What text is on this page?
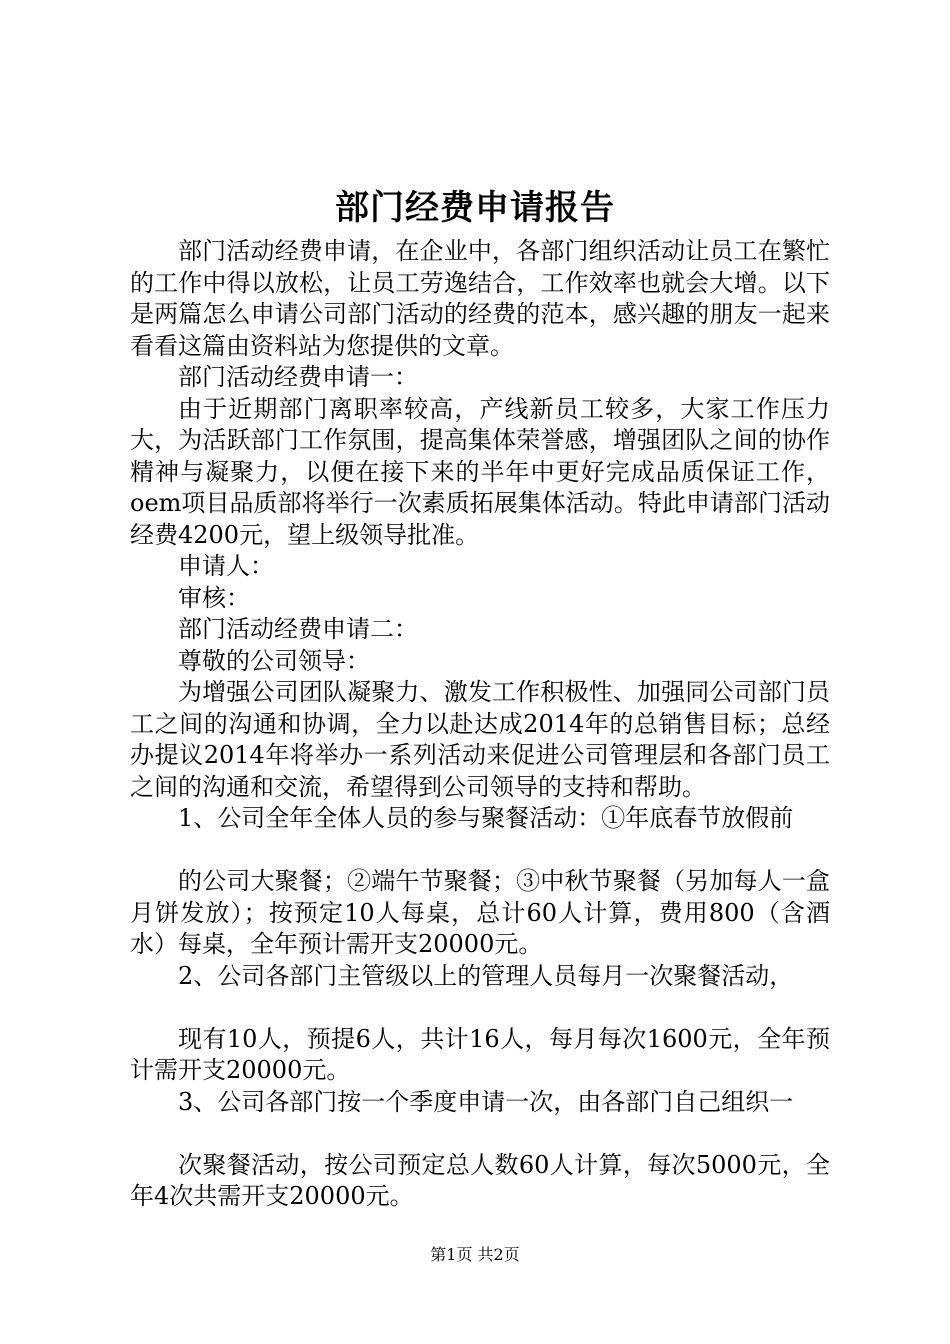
部门经费申请报告

部门活动经费申请，在企业中，各部门组织活动让员工在繁忙的工作中得以放松，让员工劳逸结合，工作效率也就会大增。以下是两篇怎么申请公司部门活动的经费的范本，感兴趣的朋友一起来看看这篇由资料站为您提供的文章。

部门活动经费申请一：

由于近期部门离职率较高，产线新员工较多，大家工作压力大，为活跃部门工作氛围，提高集体荣誉感，增强团队之间的协作精神与凝聚力，以便在接下来的半年中更好完成品质保证工作，oem项目品质部将举行一次素质拓展集体活动。特此申请部门活动经费4200元，望上级领导批准。

申请人：

审核：

部门活动经费申请二：

尊敬的公司领导：

为增强公司团队凝聚力、激发工作积极性、加强同公司部门员工之间的沟通和协调，全力以赴达成2014年的总销售目标；总经办提议2014年将举办一系列活动来促进公司管理层和各部门员工之间的沟通和交流，希望得到公司领导的支持和帮助。

1、公司全年全体人员的参与聚餐活动：①年底春节放假前

的公司大聚餐；②端午节聚餐；③中秋节聚餐（另加每人一盒月饼发放）；按预定10人每桌，总计60人计算，费用800（含酒水）每桌，全年预计需开支20000元。

2、公司各部门主管级以上的管理人员每月一次聚餐活动，

现有10人，预提6人，共计16人，每月每次1600元，全年预计需开支20000元。

3、公司各部门按一个季度申请一次，由各部门自己组织一

次聚餐活动，按公司预定总人数60人计算，每次5000元，全年4次共需开支20000元。

第1页 共2页
